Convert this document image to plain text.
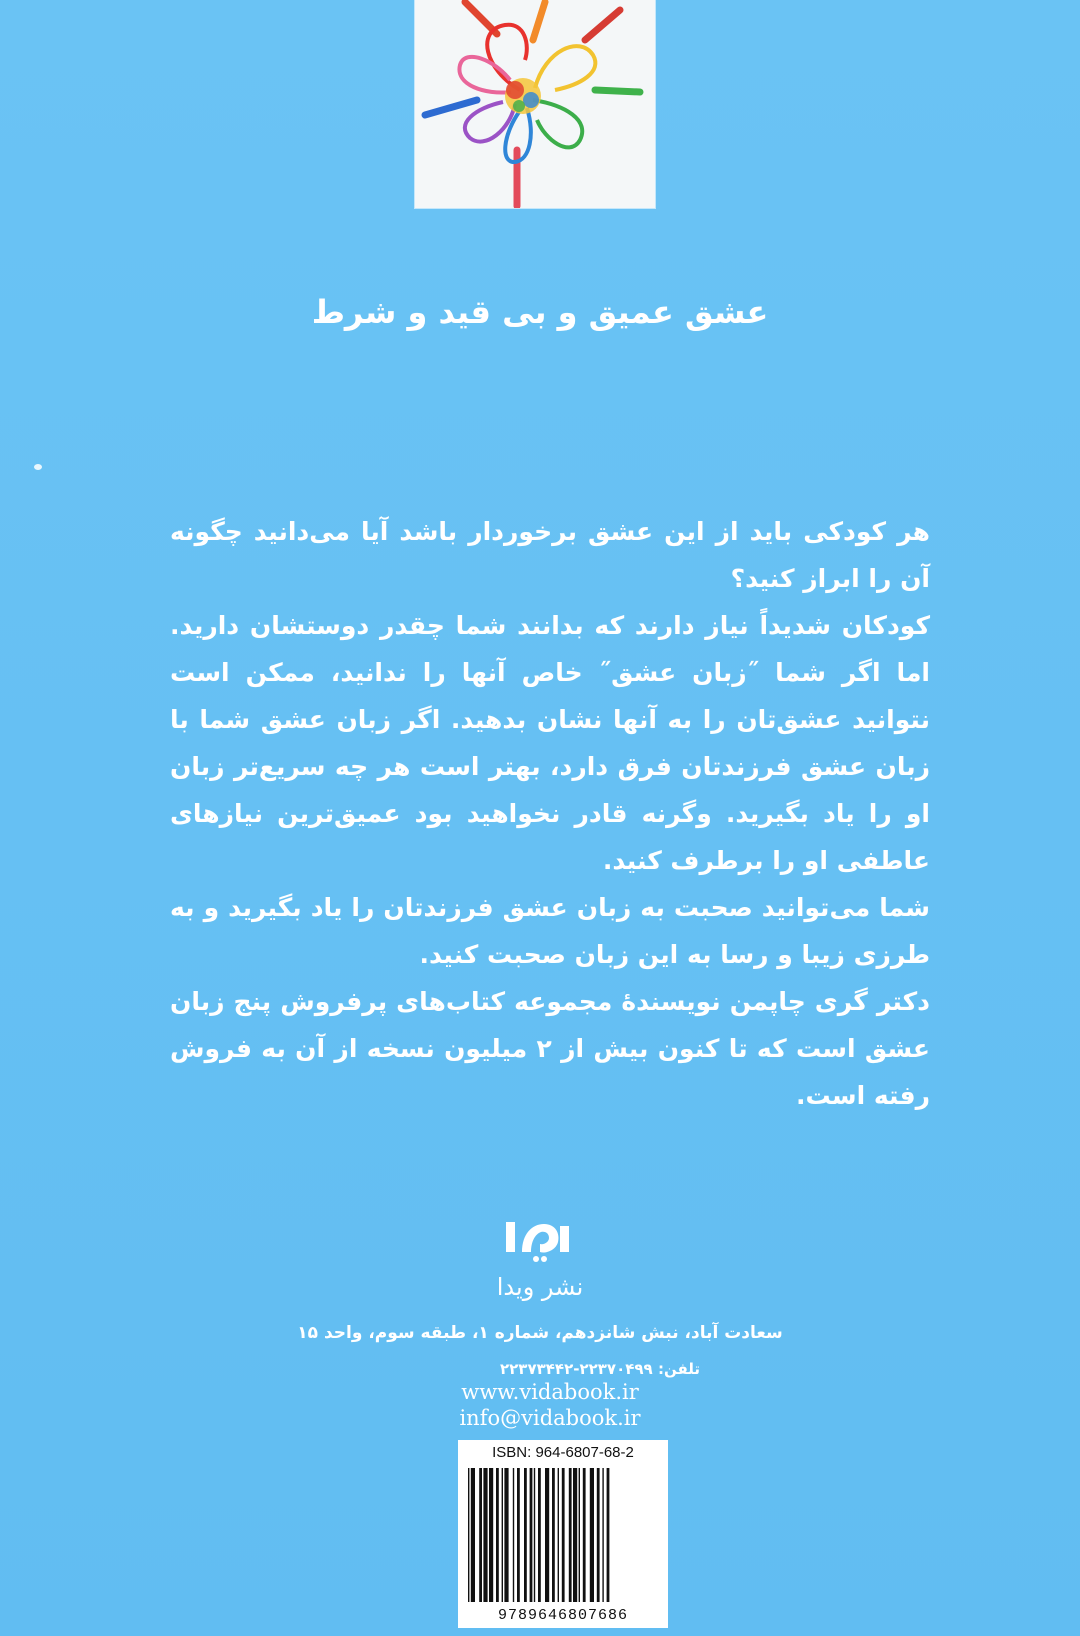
عشق عمیق و بی قید و شرط

هر کودکی باید از این عشق برخوردار باشد آیا می‌دانید چگونه آن را ابراز کنید؟

کودکان شدیداً نیاز دارند که بدانند شما چقدر دوستشان دارید. اما اگر شما ˝زبان عشق˝ خاص آنها را ندانید، ممکن است نتوانید عشق‌تان را به آنها نشان بدهید. اگر زبان عشق شما با زبان عشق فرزندتان فرق دارد، بهتر است هر چه سریع‌تر زبان او را یاد بگیرید. وگرنه قادر نخواهید بود عمیق‌ترین نیازهای عاطفی او را برطرف کنید.

شما می‌توانید صحبت به زبان عشق فرزندتان را یاد بگیرید و به طرزی زیبا و رسا به این زبان صحبت کنید.

دکتر گری چاپمن نویسندهٔ مجموعه کتاب‌های پرفروش پنج زبان عشق است که تا کنون بیش از ۲ میلیون نسخه از آن به فروش رفته است.

نشر ویدا
سعادت آباد، نبش شانزدهم، شماره ۱، طبقه سوم، واحد ۱۵
تلفن: ۲۲۳۷۰۴۹۹-۲۲۳۷۳۴۴۲
www.vidabook.ir
info@vidabook.ir
ISBN: 964-6807-68-2
9789646807686
